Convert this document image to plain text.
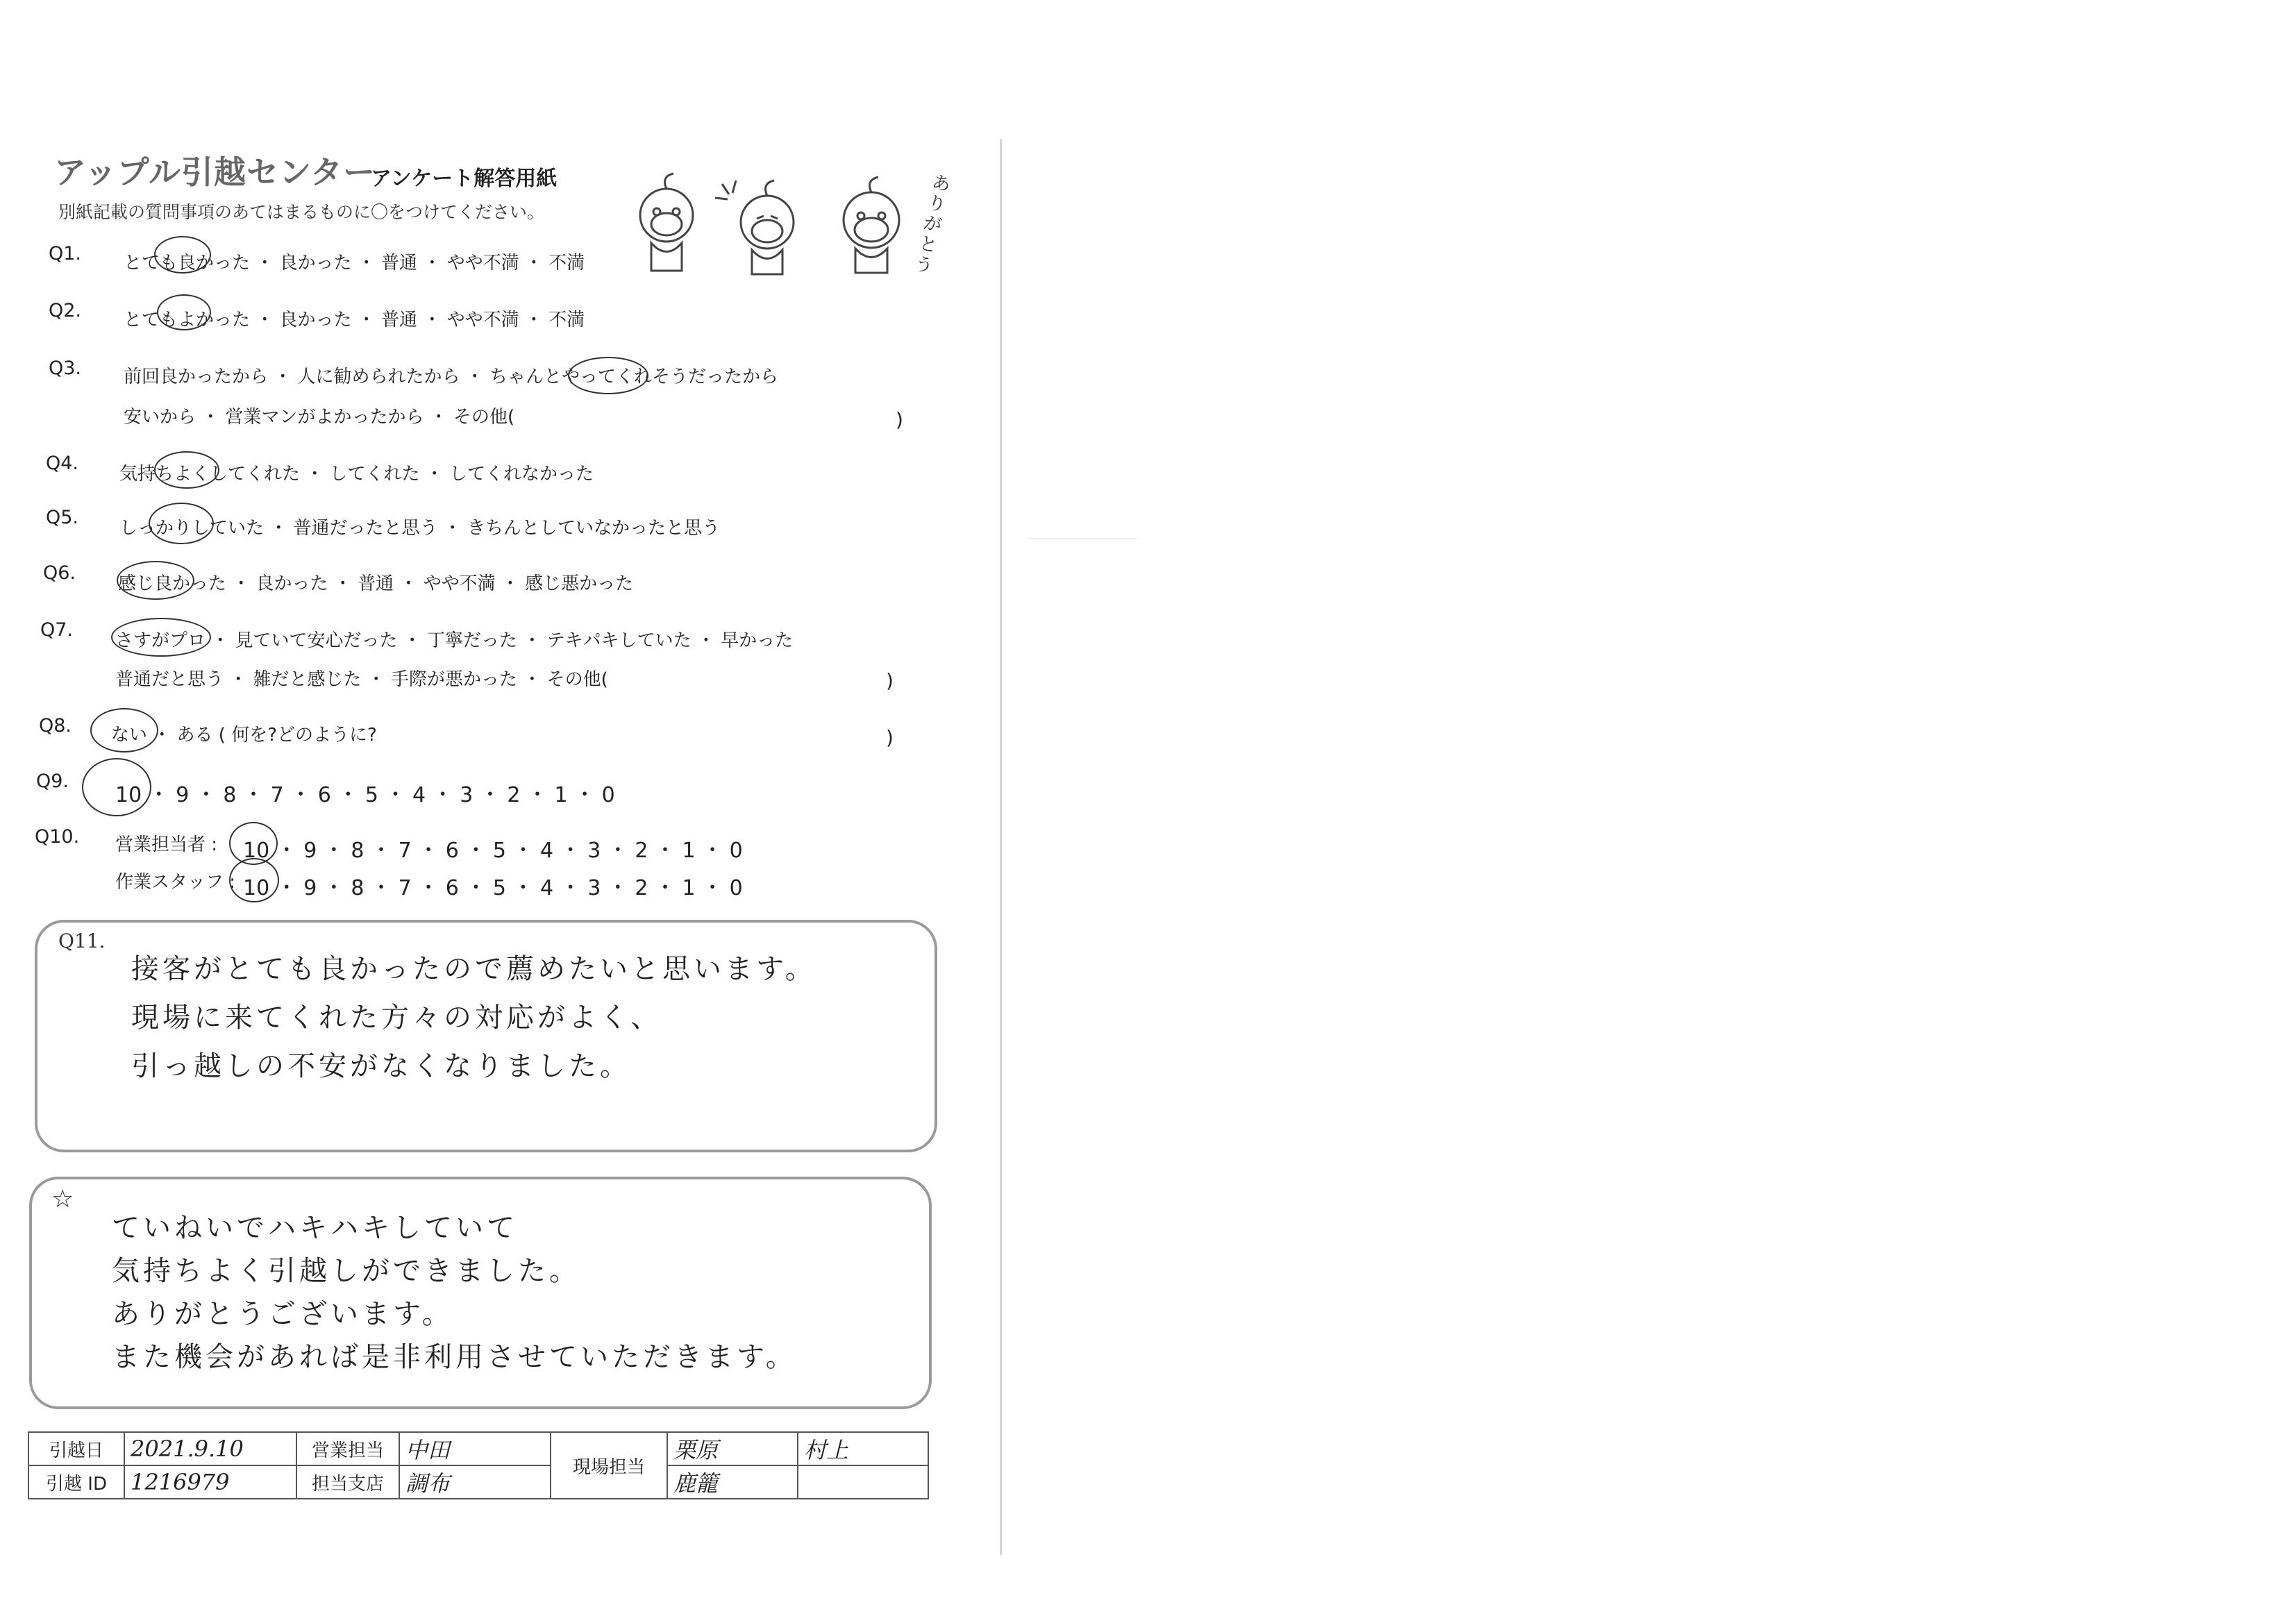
アップル引越センター
アンケート解答用紙
別紙記載の質問事項のあてはまるものに〇をつけてください。
ありがとう
Q1. とても良かった ・ 良かった ・ 普通 ・ やや不満 ・ 不満
Q2. とてもよかった ・ 良かった ・ 普通 ・ やや不満 ・ 不満
Q3. 前回良かったから ・ 人に勧められたから ・ ちゃんとやってくれそうだったから
安いから ・ 営業マンがよかったから ・ その他(	)
Q4. 気持ちよくしてくれた ・ してくれた ・ してくれなかった
Q5. しっかりしていた ・ 普通だったと思う ・ きちんとしていなかったと思う
Q6. 感じ良かった ・ 良かった ・ 普通 ・ やや不満 ・ 感じ悪かった
Q7. さすがプロ ・ 見ていて安心だった ・ 丁寧だった ・ テキパキしていた ・ 早かった
普通だと思う ・ 雑だと感じた ・ 手際が悪かった ・ その他(	)
Q8. ない ・ ある ( 何を?どのように?	)
Q9.
10 ・ 9 ・ 8 ・ 7 ・ 6 ・ 5 ・ 4 ・ 3 ・ 2 ・ 1 ・ 0
Q10. 営業担当者 : 10 ・ 9 ・ 8 ・ 7 ・ 6 ・ 5 ・ 4 ・ 3 ・ 2 ・ 1 ・ 0
作業スタッフ : 10 ・ 9 ・ 8 ・ 7 ・ 6 ・ 5 ・ 4 ・ 3 ・ 2 ・ 1 ・ 0
Q11.
接客がとても良かったので薦めたいと思います。
現場に来てくれた方々の対応がよく、
引っ越しの不安がなくなりました。
☆
ていねいでハキハキしていて
気持ちよく引越しができました。
ありがとうございます。
また機会があれば是非利用させていただきます。
引越日	2021.9.10	営業担当	中田	現場担当	栗原	村上
引越 ID	1216979	担当支店	調布		鹿籠	
